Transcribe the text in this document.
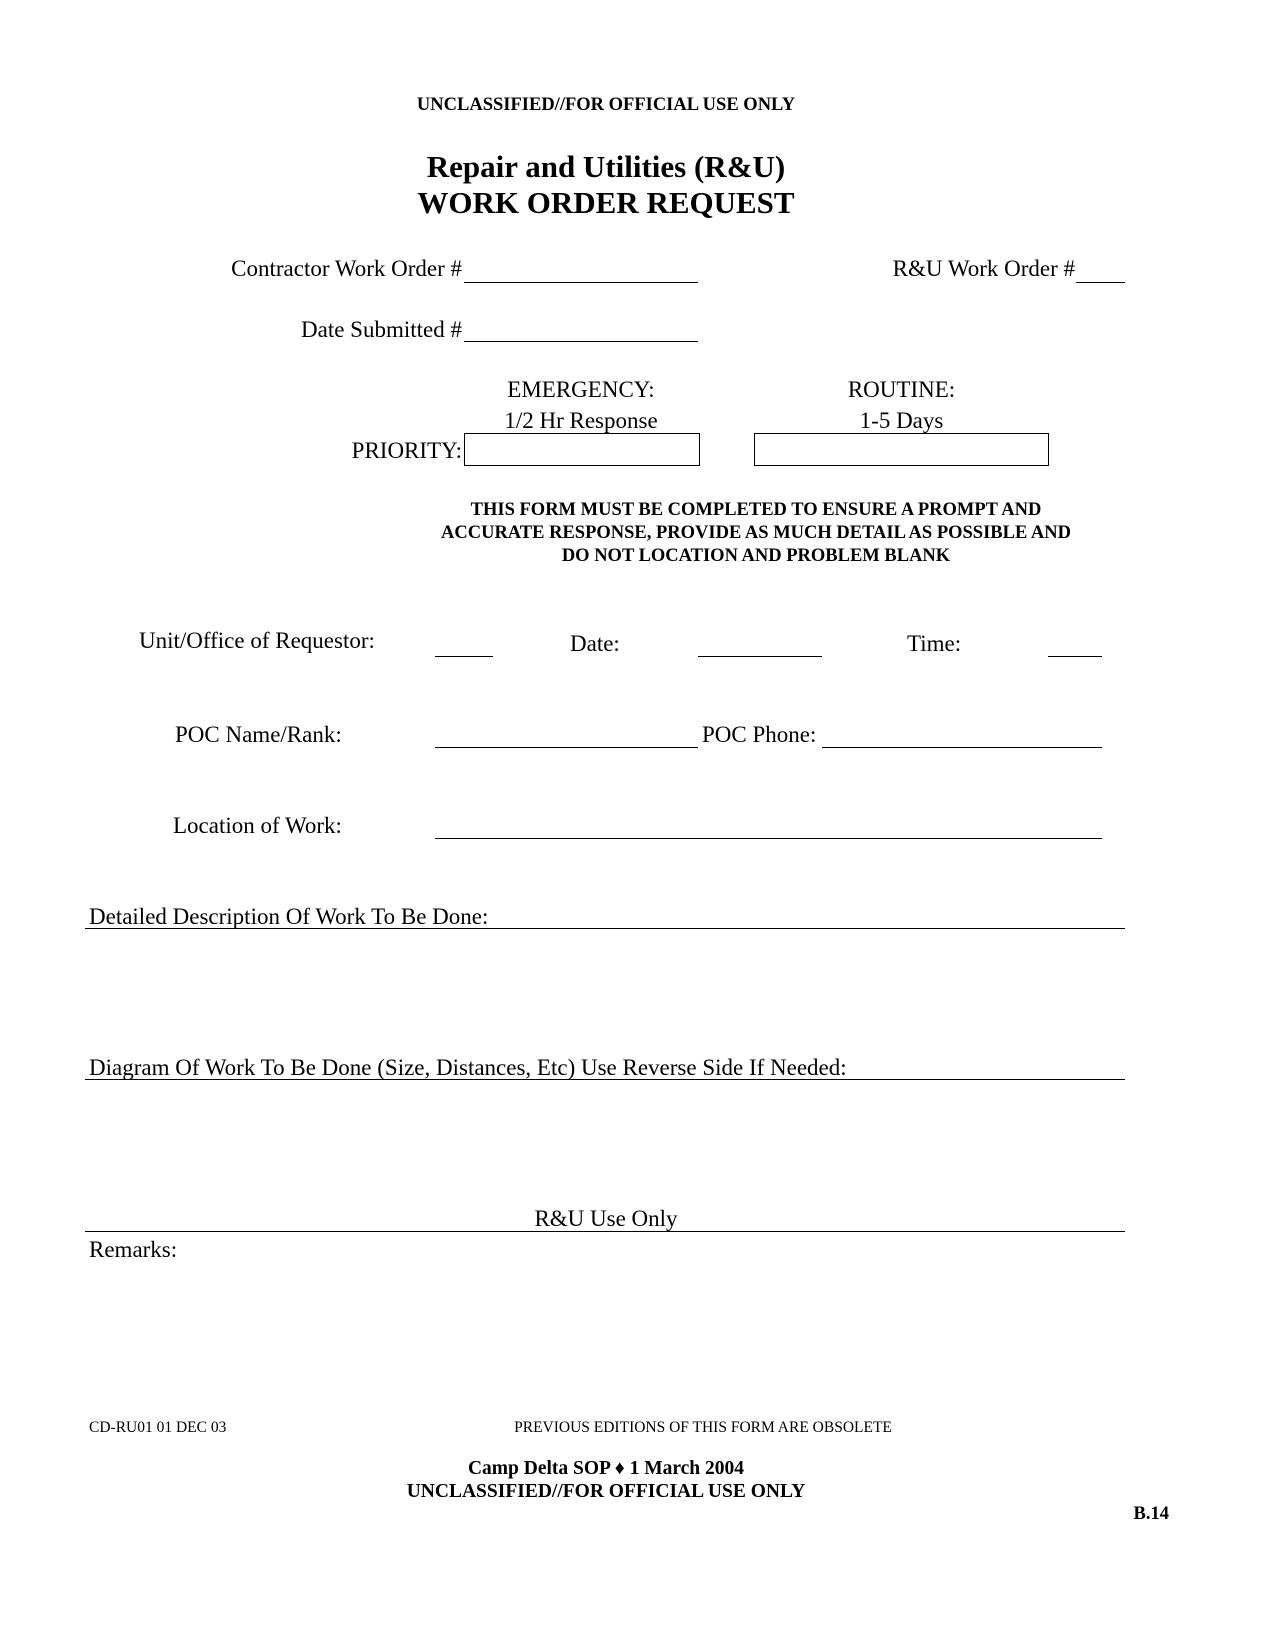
UNCLASSIFIED//FOR OFFICIAL USE ONLY
Repair and Utilities (R&U)
WORK ORDER REQUEST
Contractor Work Order #	R&U Work Order #
Date Submitted #
EMERGENCY:
1/2 Hr Response
ROUTINE:
1-5 Days
PRIORITY:
THIS FORM MUST BE COMPLETED TO ENSURE A PROMPT AND
ACCURATE RESPONSE, PROVIDE AS MUCH DETAIL AS POSSIBLE AND
DO NOT LOCATION AND PROBLEM BLANK
Unit/Office of Requestor:	Date:	Time:
POC Name/Rank:	POC Phone:
Location of Work:
Detailed Description Of Work To Be Done:
Diagram Of Work To Be Done (Size, Distances, Etc) Use Reverse Side If Needed:
R&U Use Only
Remarks:
CD-RU01 01 DEC 03	PREVIOUS EDITIONS OF THIS FORM ARE OBSOLETE
Camp Delta SOP ♦ 1 March 2004
UNCLASSIFIED//FOR OFFICIAL USE ONLY
B.14
